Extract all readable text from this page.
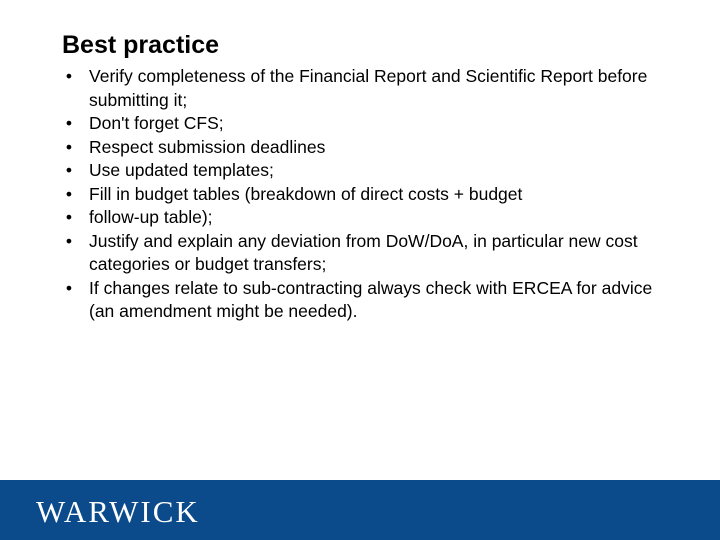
Best practice
• Verify completeness of the Financial Report and Scientific Report before submitting it;
• Don't forget CFS;
• Respect submission deadlines
• Use updated templates;
• Fill in budget tables (breakdown of direct costs + budget
• follow-up table);
• Justify and explain any deviation from DoW/DoA, in particular new cost categories or budget transfers;
• If changes relate to sub-contracting always check with ERCEA for advice (an amendment might be needed).
WARWICK
